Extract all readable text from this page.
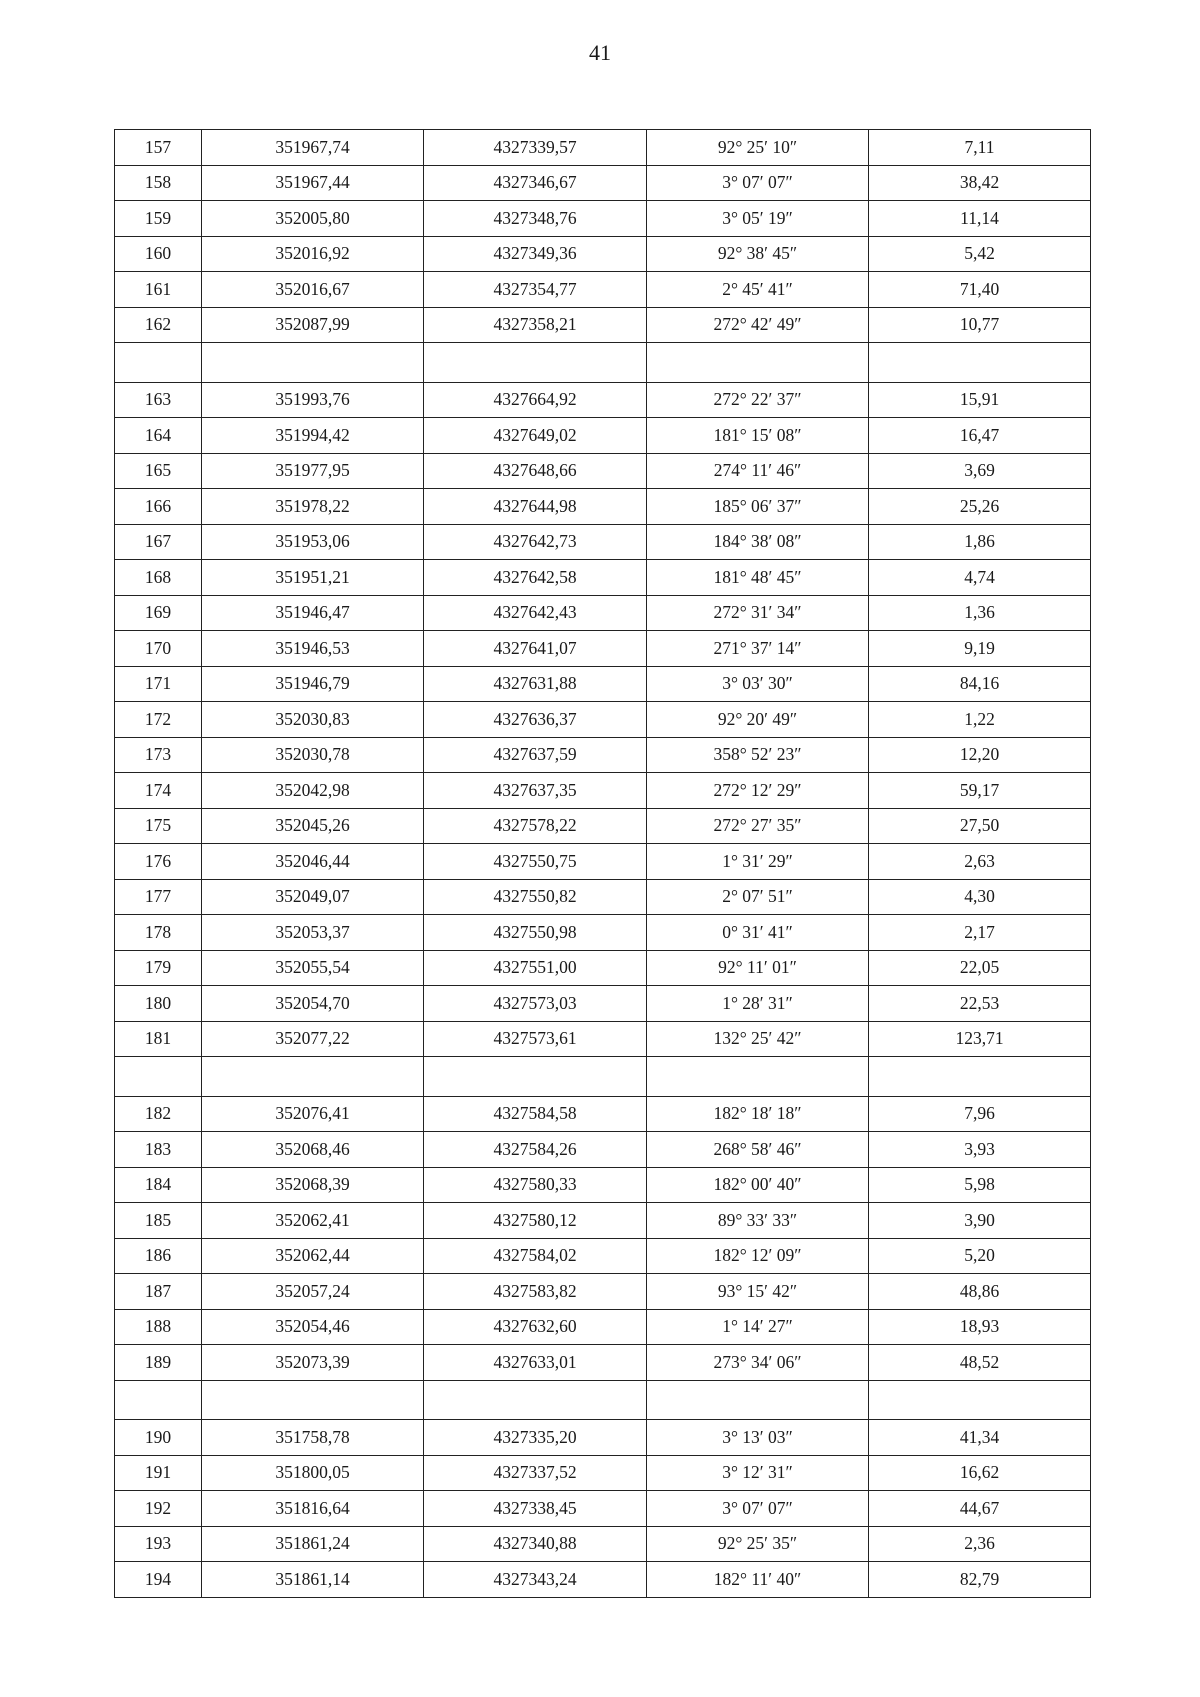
41
157	351967,74	4327339,57	92° 25′ 10″	7,11
158	351967,44	4327346,67	3° 07′ 07″	38,42
159	352005,80	4327348,76	3° 05′ 19″	11,14
160	352016,92	4327349,36	92° 38′ 45″	5,42
161	352016,67	4327354,77	2° 45′ 41″	71,40
162	352087,99	4327358,21	272° 42′ 49″	10,77

163	351993,76	4327664,92	272° 22′ 37″	15,91
164	351994,42	4327649,02	181° 15′ 08″	16,47
165	351977,95	4327648,66	274° 11′ 46″	3,69
166	351978,22	4327644,98	185° 06′ 37″	25,26
167	351953,06	4327642,73	184° 38′ 08″	1,86
168	351951,21	4327642,58	181° 48′ 45″	4,74
169	351946,47	4327642,43	272° 31′ 34″	1,36
170	351946,53	4327641,07	271° 37′ 14″	9,19
171	351946,79	4327631,88	3° 03′ 30″	84,16
172	352030,83	4327636,37	92° 20′ 49″	1,22
173	352030,78	4327637,59	358° 52′ 23″	12,20
174	352042,98	4327637,35	272° 12′ 29″	59,17
175	352045,26	4327578,22	272° 27′ 35″	27,50
176	352046,44	4327550,75	1° 31′ 29″	2,63
177	352049,07	4327550,82	2° 07′ 51″	4,30
178	352053,37	4327550,98	0° 31′ 41″	2,17
179	352055,54	4327551,00	92° 11′ 01″	22,05
180	352054,70	4327573,03	1° 28′ 31″	22,53
181	352077,22	4327573,61	132° 25′ 42″	123,71

182	352076,41	4327584,58	182° 18′ 18″	7,96
183	352068,46	4327584,26	268° 58′ 46″	3,93
184	352068,39	4327580,33	182° 00′ 40″	5,98
185	352062,41	4327580,12	89° 33′ 33″	3,90
186	352062,44	4327584,02	182° 12′ 09″	5,20
187	352057,24	4327583,82	93° 15′ 42″	48,86
188	352054,46	4327632,60	1° 14′ 27″	18,93
189	352073,39	4327633,01	273° 34′ 06″	48,52

190	351758,78	4327335,20	3° 13′ 03″	41,34
191	351800,05	4327337,52	3° 12′ 31″	16,62
192	351816,64	4327338,45	3° 07′ 07″	44,67
193	351861,24	4327340,88	92° 25′ 35″	2,36
194	351861,14	4327343,24	182° 11′ 40″	82,79
